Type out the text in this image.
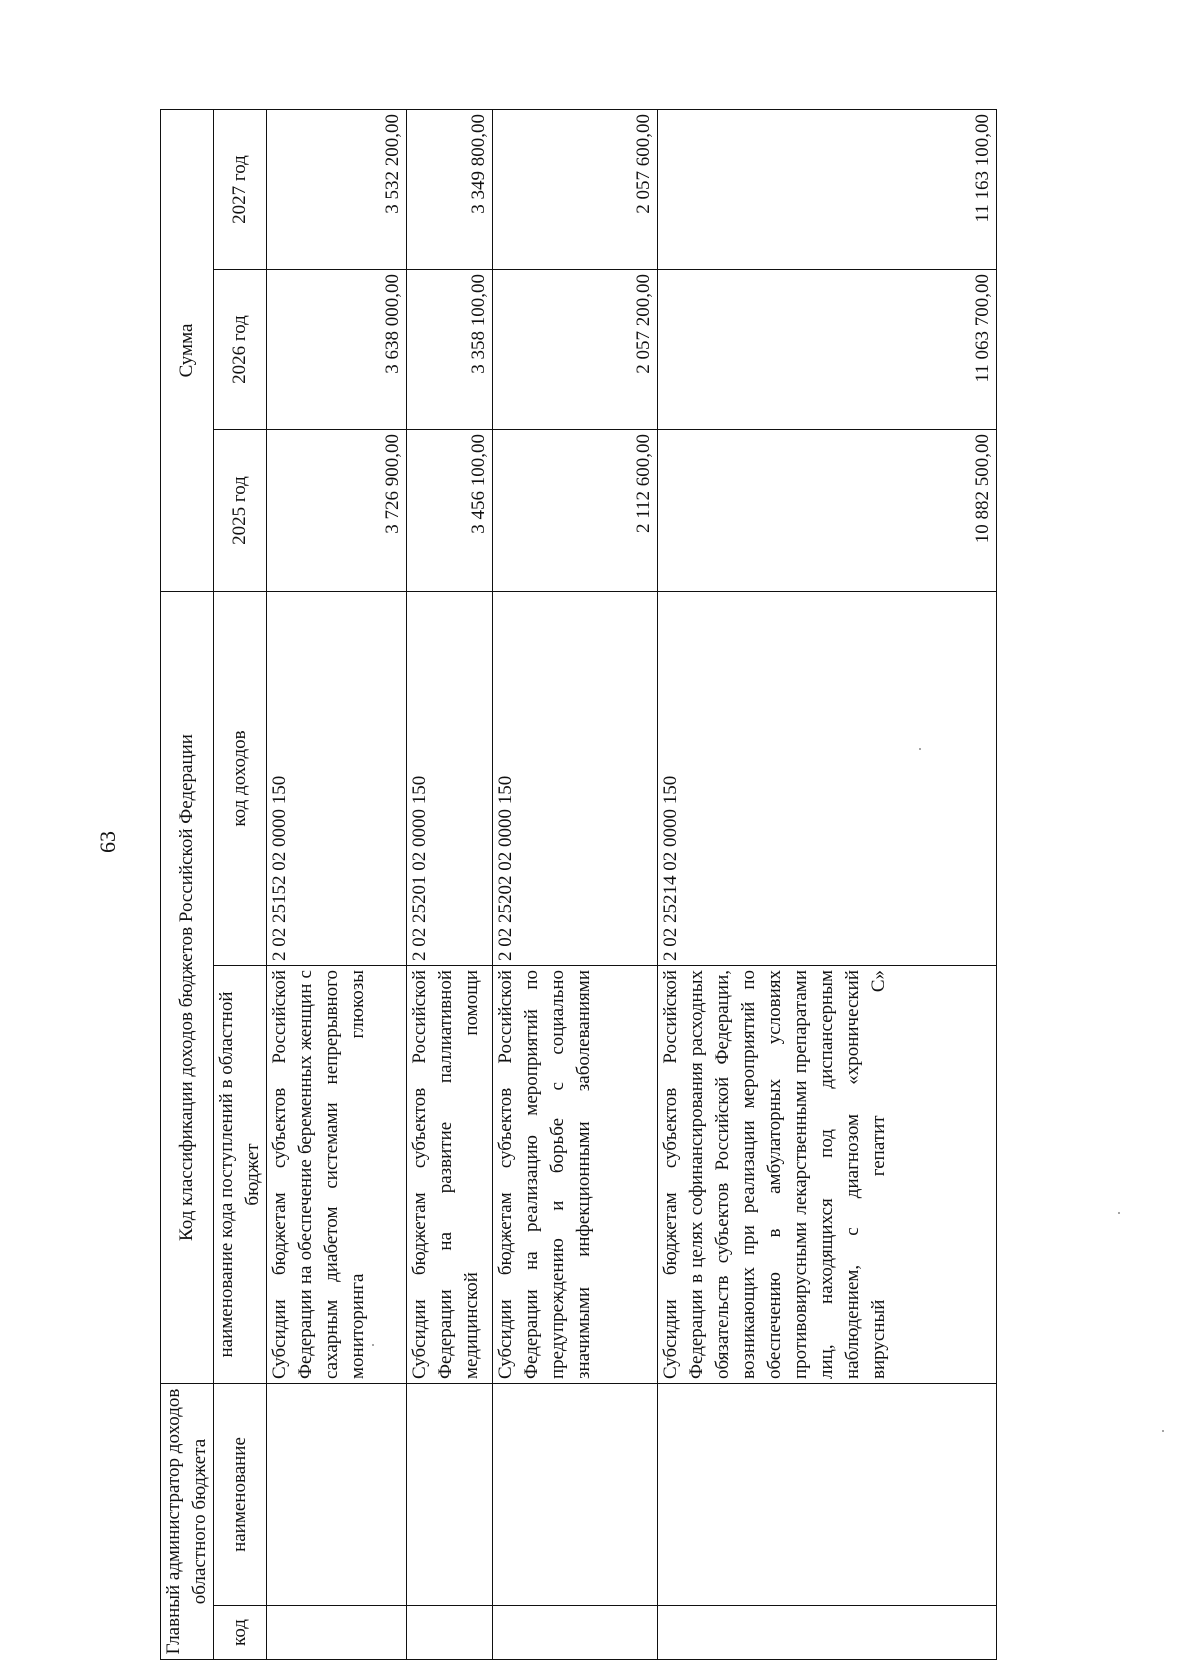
63
Главный администратор доходов областного бюджета		Код классификации доходов бюджетов Российской Федерации		Сумма		
код	наименование	наименование кода поступлений в областной бюджет	код доходов	2025 год	2026 год	2027 год
		Субсидии бюджетам субъектов Российской Федерации на обеспечение беременных женщин с сахарным диабетом системами непрерывного мониторинга глюкозы	2 02 25152 02 0000 150	3 726 900,00	3 638 000,00	3 532 200,00
		Субсидии бюджетам субъектов Российской Федерации на развитие паллиативной медицинской помощи	2 02 25201 02 0000 150	3 456 100,00	3 358 100,00	3 349 800,00
		Субсидии бюджетам субъектов Российской Федерации на реализацию мероприятий по предупреждению и борьбе с социально значимыми инфекционными заболеваниями	2 02 25202 02 0000 150	2 112 600,00	2 057 200,00	2 057 600,00
		Субсидии бюджетам субъектов Российской Федерации в целях софинансирования расходных обязательств субъектов Российской Федерации, возникающих при реализации мероприятий по обеспечению в амбулаторных условиях противовирусными лекарственными препаратами лиц, находящихся под диспансерным наблюдением, с диагнозом «хронический вирусный гепатит С»	2 02 25214 02 0000 150	10 882 500,00	11 063 700,00	11 163 100,00
